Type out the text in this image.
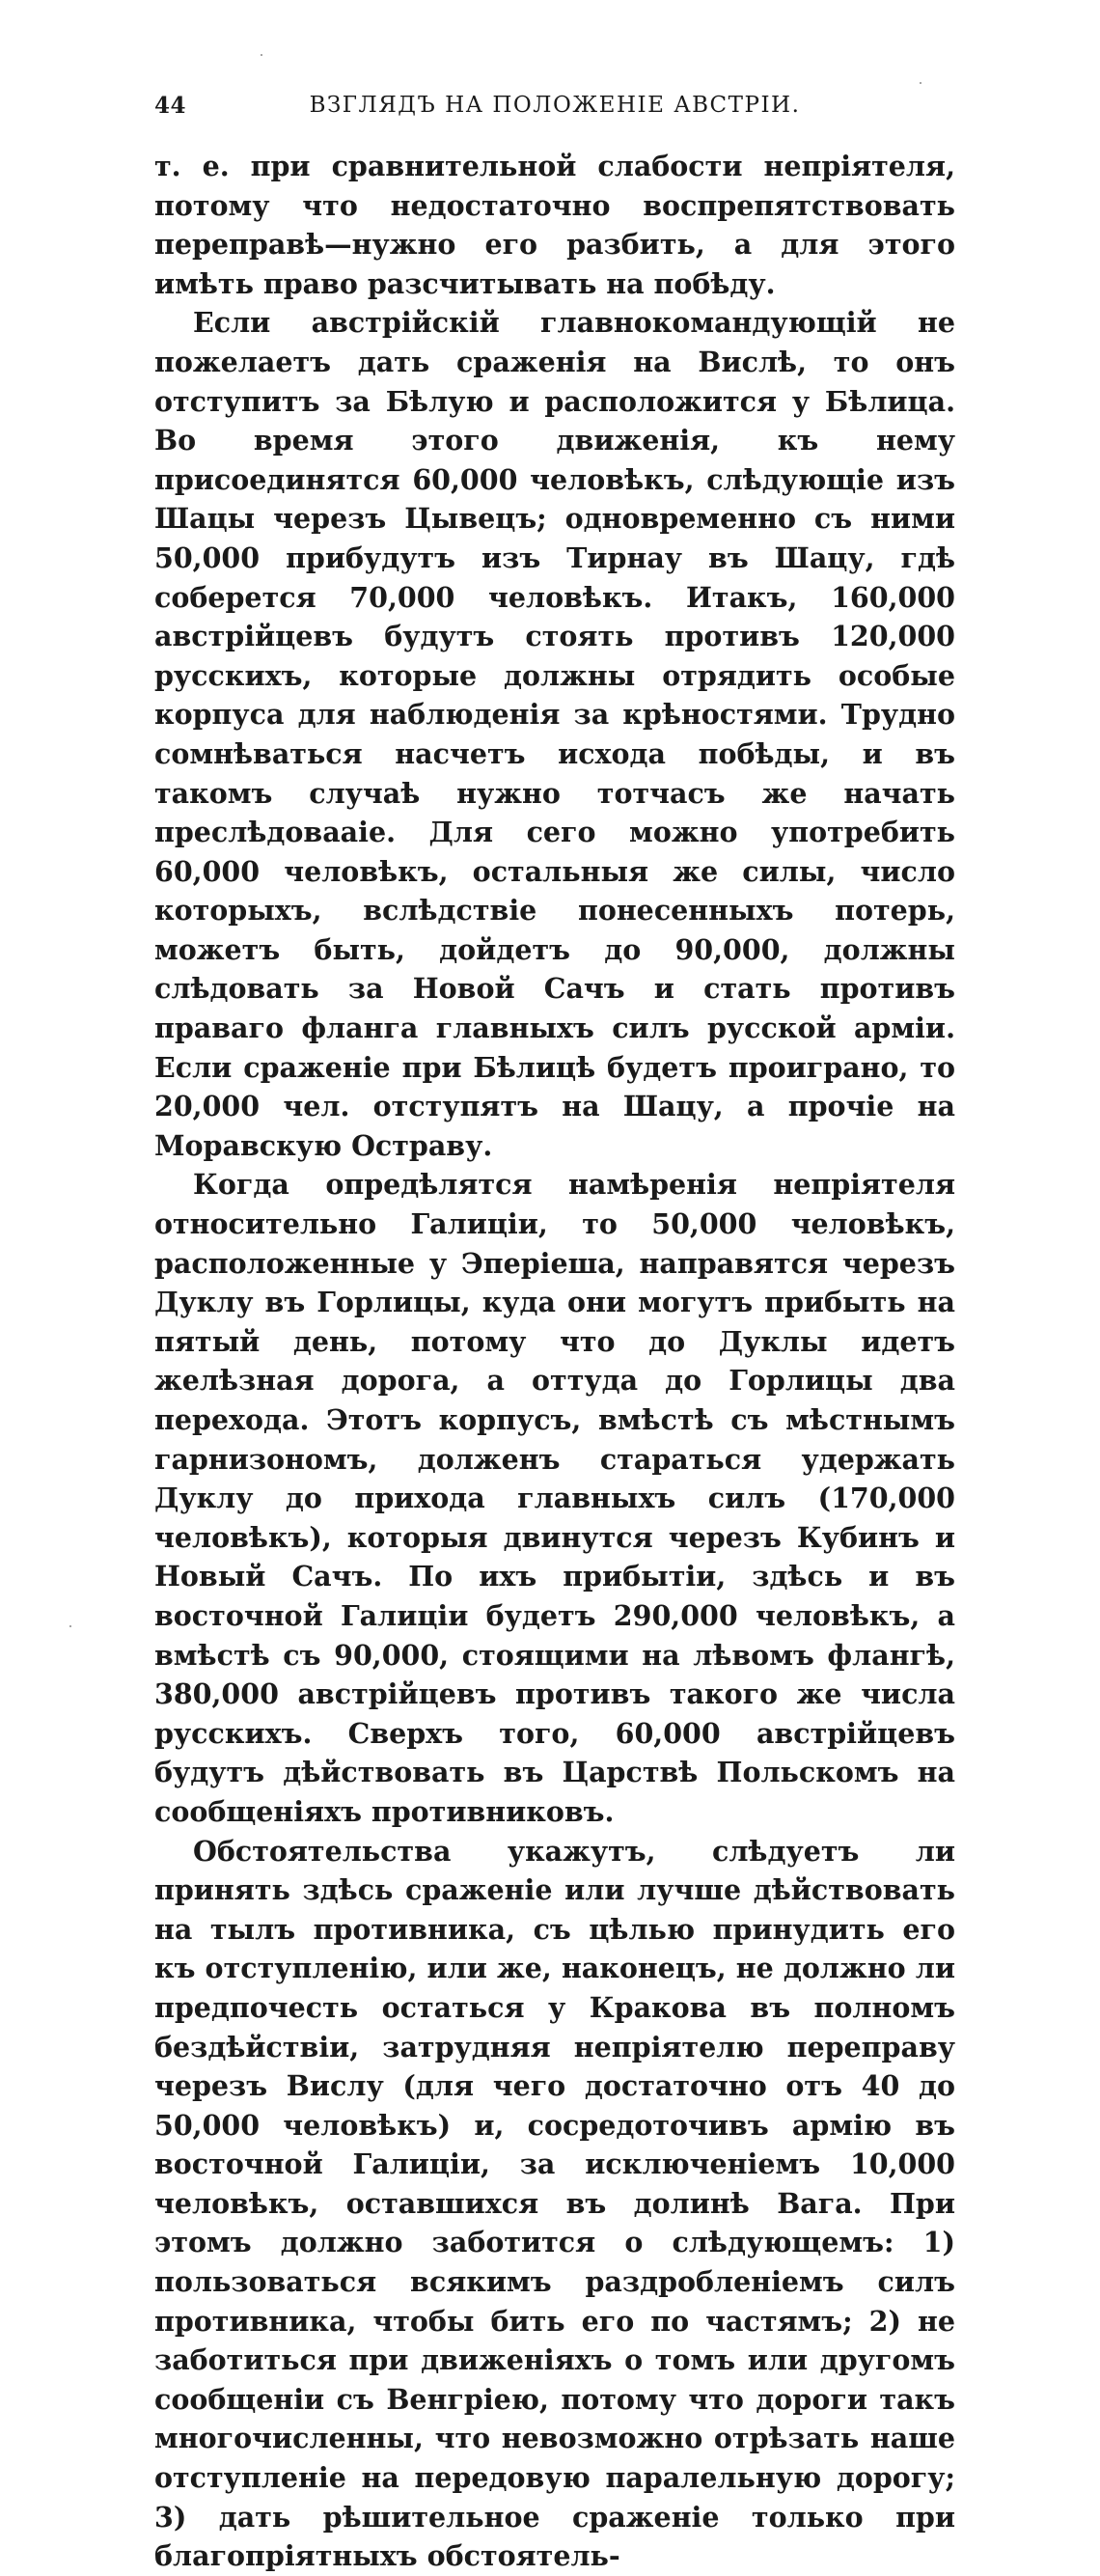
44	ВЗГЛЯДЪ НА ПОЛОЖЕНІЕ АВСТРІИ.

т. е. при сравнительной слабости непріятеля, потому что недостаточно воспрепятствовать переправѣ—нужно его разбить, а для этого имѣть право разсчитывать на побѣду.

Если австрійскій главнокомандующій не пожелаетъ дать сраженія на Вислѣ, то онъ отступитъ за Бѣлую и расположится у Бѣлица. Во время этого движенія, къ нему присоединятся 60,000 человѣкъ, слѣдующіе изъ Шацы черезъ Цывецъ; одновременно съ ними 50,000 прибудутъ изъ Тирнау въ Шацу, гдѣ соберется 70,000 человѣкъ. Итакъ, 160,000 австрійцевъ будутъ стоять противъ 120,000 русскихъ, которые должны отрядить особые корпуса для наблюденія за крѣностями. Трудно сомнѣваться насчетъ исхода побѣды, и въ такомъ случаѣ нужно тотчасъ же начать преслѣдоваaіе. Для сего можно употребить 60,000 человѣкъ, остальныя же силы, число которыхъ, вслѣдствіе понесенныхъ потерь, можетъ быть, дойдетъ до 90,000, должны слѣдовать за Новой Сачъ и стать противъ праваго фланга главныхъ силъ русской арміи. Если сраженіе при Бѣлицѣ будетъ проиграно, то 20,000 чел. отступятъ на Шацу, а прочіе на Моравскую Остраву.

Когда опредѣлятся намѣренія непріятеля относительно Галиціи, то 50,000 человѣкъ, расположенные у Эперіеша, направятся черезъ Дуклу въ Горлицы, куда они могутъ прибыть на пятый день, потому что до Дуклы идетъ желѣзная дорога, а оттуда до Горлицы два перехода. Этотъ корпусъ, вмѣстѣ съ мѣстнымъ гарнизономъ, долженъ стараться удержать Дуклу до прихода главныхъ силъ (170,000 человѣкъ), которыя двинутся черезъ Кубинъ и Новый Сачъ. По ихъ прибытіи, здѣсь и въ восточной Галиціи будетъ 290,000 человѣкъ, а вмѣстѣ съ 90,000, стоящими на лѣвомъ флангѣ, 380,000 австрійцевъ противъ такого же числа русскихъ. Сверхъ того, 60,000 австрійцевъ будутъ дѣйствовать въ Царствѣ Польскомъ на сообщеніяхъ противниковъ.

Обстоятельства укажутъ, слѣдуетъ ли принять здѣсь сраженіе или лучше дѣйствовать на тылъ противника, съ цѣлью принудить его къ отступленію, или же, наконецъ, не должно ли предпочесть остаться у Кракова въ полномъ бездѣйствіи, затрудняя непріятелю переправу черезъ Вислу (для чего достаточно отъ 40 до 50,000 человѣкъ) и, сосредоточивъ армію въ восточной Галиціи, за исключеніемъ 10,000 человѣкъ, оставшихся въ долинѣ Вага. При этомъ должно заботится о слѣдующемъ: 1) пользоваться всякимъ раздробленіемъ силъ противника, чтобы бить его по частямъ; 2) не заботиться при движеніяхъ о томъ или другомъ сообщеніи съ Венгріею, потому что дороги такъ многочисленны, что невозможно отрѣзать наше отступленіе на передовую паралельную дорогу; 3) дать рѣшительное сраженіе только при благопріятныхъ обстоятель-
